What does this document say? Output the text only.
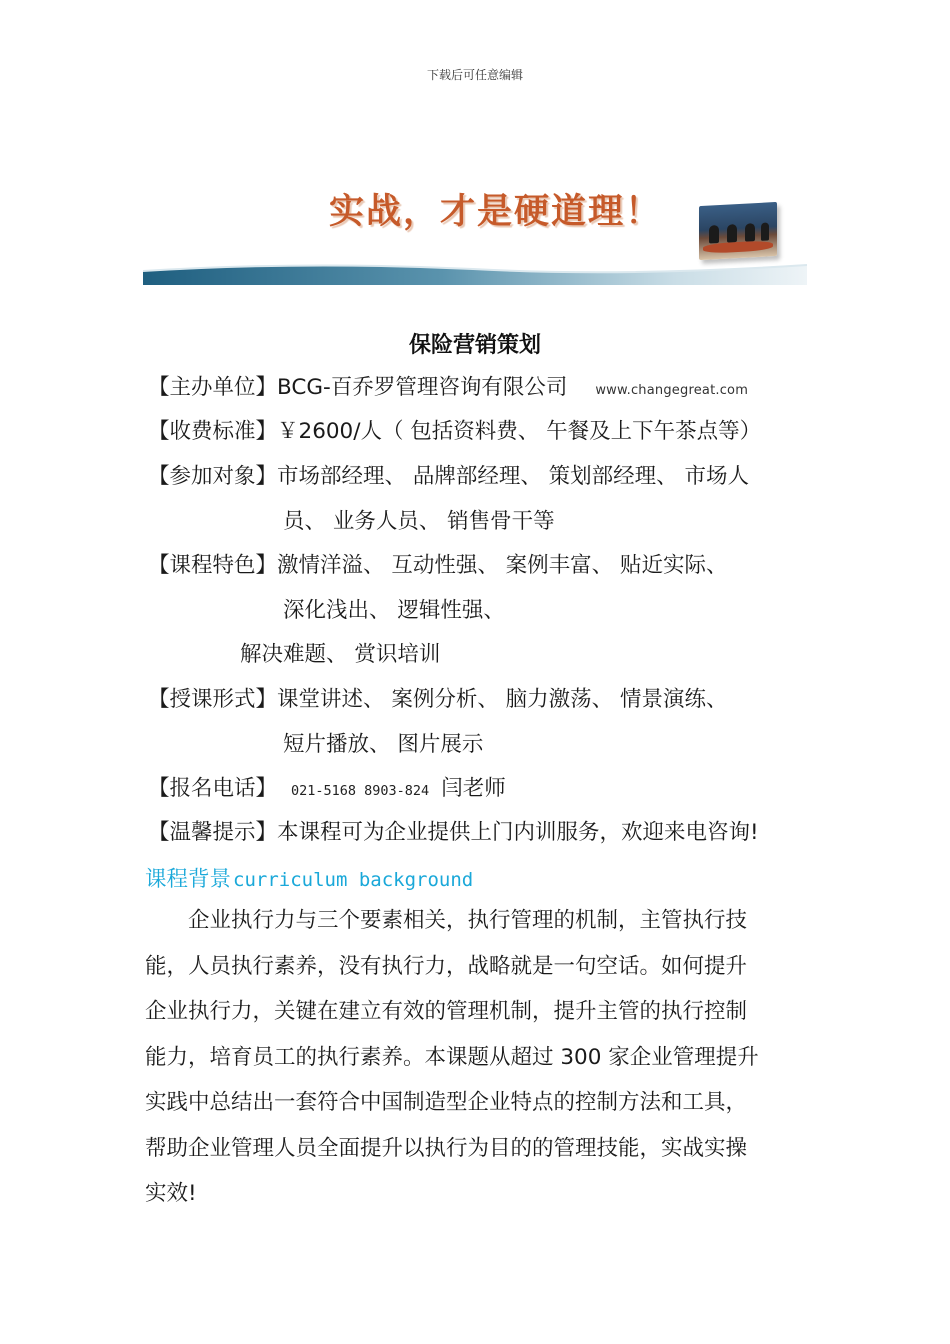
下载后可任意编辑
实战，才是硬道理！
保险营销策划
【主办单位】BCG-百乔罗管理咨询有限公司 www.changegreat.com
【收费标准】￥2600/人（ 包括资料费、 午餐及上下午茶点等）
【参加对象】市场部经理、 品牌部经理、 策划部经理、 市场人
员、 业务人员、 销售骨干等
【课程特色】激情洋溢、 互动性强、 案例丰富、 贴近实际、
深化浅出、 逻辑性强、
解决难题、 赏识培训
【授课形式】课堂讲述、 案例分析、 脑力激荡、 情景演练、
短片播放、 图片展示
【报名电话】 021-5168 8903-824 闫老师
【温馨提示】本课程可为企业提供上门内训服务，欢迎来电咨询!
课程背景 curriculum background
　　企业执行力与三个要素相关，执行管理的机制，主管执行技
能，人员执行素养，没有执行力，战略就是一句空话。如何提升
企业执行力，关键在建立有效的管理机制，提升主管的执行控制
能力，培育员工的执行素养。本课题从超过 300 家企业管理提升
实践中总结出一套符合中国制造型企业特点的控制方法和工具，
帮助企业管理人员全面提升以执行为目的的管理技能，实战实操
实效!
